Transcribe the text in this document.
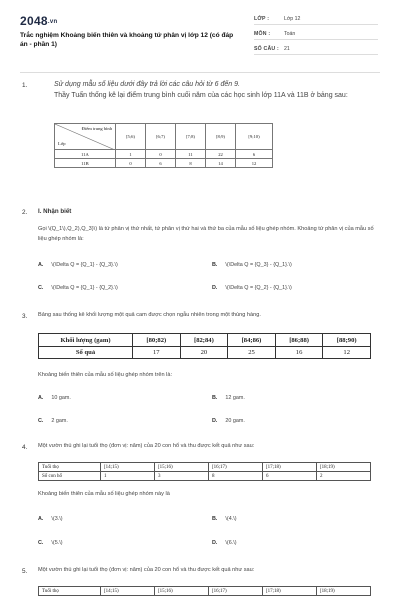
2048.vn
Trắc nghiệm Khoảng biến thiên và khoảng tứ phân vị lớp 12 (có đáp án - phần 1)
LỚP :	Lớp 12
MÔN :	Toán
SỐ CÂU : 21
1.	Sử dụng mẫu số liệu dưới đây trả lời các câu hỏi từ 6 đến 9.
Thầy Tuấn thống kê lại điểm trung bình cuối năm của các học sinh lớp 11A và 11B ở bảng sau:
Điểm trung bình
Lớp	[5;6)	[6;7)	[7;8)	[8;9)	[9;10)
11A	1	0	11	22	6
11B	0	6	8	14	12
2. I. Nhận biết
Gọi \(Q_1\),Q_2),Q_3)\) là tứ phân vị thứ nhất, tứ phân vị thứ hai và thứ ba của mẫu số liệu ghép nhóm. Khoảng tứ phân vị của mẫu số liệu ghép nhóm là:
A. \(\Delta Q = {Q_1} - {Q_3}.\)	B. \(\Delta Q = {Q_3} - {Q_1}.\)
C. \(\Delta Q = {Q_1} - {Q_2}.\)	D. \(\Delta Q = {Q_2} - {Q_1}.\)
3. Bảng sau thống kê khối lượng một quả cam được chọn ngẫu nhiên trong một thùng hàng.
Khối lượng (gam)	[80;82)	[82;84)	[84;86)	[86;88)	[88;90)
Số quả	17	20	25	16	12
Khoảng biến thiên của mẫu số liệu ghép nhóm trên là:
A. 10 gam.	B. 12 gam.
C. 2 gam.	D. 20 gam.
4. Một vườn thú ghi lại tuổi thọ (đơn vị: năm) của 20 con hổ và thu được kết quả như sau:
Tuổi thọ	[14;15)	[15;16)	[16;17)	[17;18)	[18;19)
Số con hổ	1	3	8	6	2
Khoảng biến thiên của mẫu số liệu ghép nhóm này là
A. \(3.\)	B. \(4.\)
C. \(5.\)	D. \(6.\)
5. Một vườn thú ghi lại tuổi thọ (đơn vị: năm) của 20 con hổ và thu được kết quả như sau:
Tuổi thọ	[14;15)	[15;16)	[16;17)	[17;18)	[18;19)
